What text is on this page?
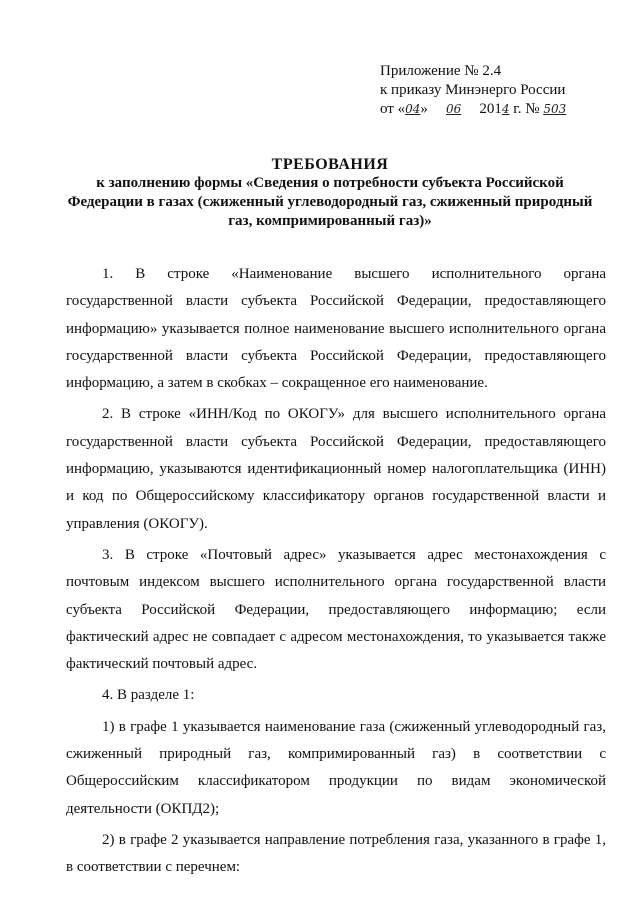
Приложение № 2.4
к приказу Минэнерго России
от «04» 06 2014 г. № 503
ТРЕБОВАНИЯ
к заполнению формы «Сведения о потребности субъекта Российской
Федерации в газах (сжиженный углеводородный газ, сжиженный природный
газ, компримированный газ)»

1. В строке «Наименование высшего исполнительного органа государственной власти субъекта Российской Федерации, предоставляющего информацию» указывается полное наименование высшего исполнительного органа государственной власти субъекта Российской Федерации, предоставляющего информацию, а затем в скобках – сокращенное его наименование.

2. В строке «ИНН/Код по ОКОГУ» для высшего исполнительного органа государственной власти субъекта Российской Федерации, предоставляющего информацию, указываются идентификационный номер налогоплательщика (ИНН) и код по Общероссийскому классификатору органов государственной власти и управления (ОКОГУ).

3. В строке «Почтовый адрес» указывается адрес местонахождения с почтовым индексом высшего исполнительного органа государственной власти субъекта Российской Федерации, предоставляющего информацию; если фактический адрес не совпадает с адресом местонахождения, то указывается также фактический почтовый адрес.

4. В разделе 1:

1) в графе 1 указывается наименование газа (сжиженный углеводородный газ, сжиженный природный газ, компримированный газ) в соответствии с Общероссийским классификатором продукции по видам экономической деятельности (ОКПД2);

2) в графе 2 указывается направление потребления газа, указанного в графе 1, в соответствии с перечнем:
